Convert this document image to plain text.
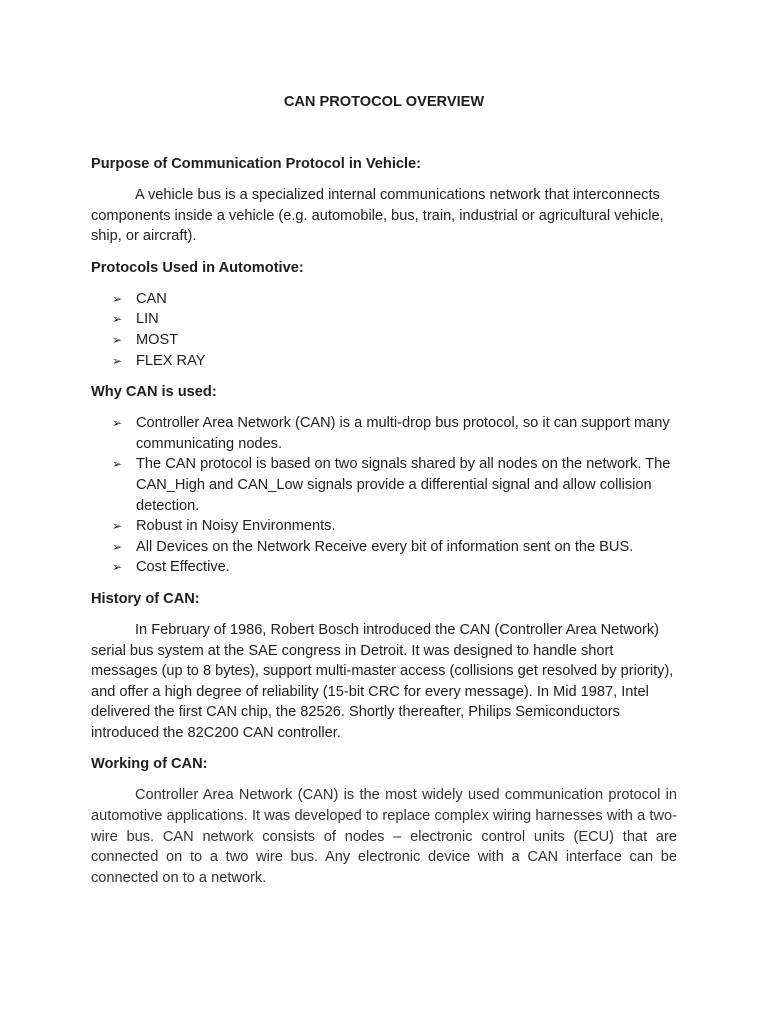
CAN PROTOCOL OVERVIEW
Purpose of Communication Protocol in Vehicle:

A vehicle bus is a specialized internal communications network that interconnects components inside a vehicle (e.g. automobile, bus, train, industrial or agricultural vehicle, ship, or aircraft).

Protocols Used in Automotive:
➢ CAN
➢ LIN
➢ MOST
➢ FLEX RAY
Why CAN is used:
➢ Controller Area Network (CAN) is a multi-drop bus protocol, so it can support many communicating nodes.
➢ The CAN protocol is based on two signals shared by all nodes on the network. The CAN_High and CAN_Low signals provide a differential signal and allow collision detection.
➢ Robust in Noisy Environments.
➢ All Devices on the Network Receive every bit of information sent on the BUS.
➢ Cost Effective.
History of CAN:

In February of 1986, Robert Bosch introduced the CAN (Controller Area Network) serial bus system at the SAE congress in Detroit. It was designed to handle short messages (up to 8 bytes), support multi-master access (collisions get resolved by priority), and offer a high degree of reliability (15-bit CRC for every message). In Mid 1987, Intel delivered the first CAN chip, the 82526. Shortly thereafter, Philips Semiconductors introduced the 82C200 CAN controller.

Working of CAN:

Controller Area Network (CAN) is the most widely used communication protocol in automotive applications. It was developed to replace complex wiring harnesses with a two-wire bus. CAN network consists of nodes – electronic control units (ECU) that are connected on to a two wire bus. Any electronic device with a CAN interface can be connected on to a network.
